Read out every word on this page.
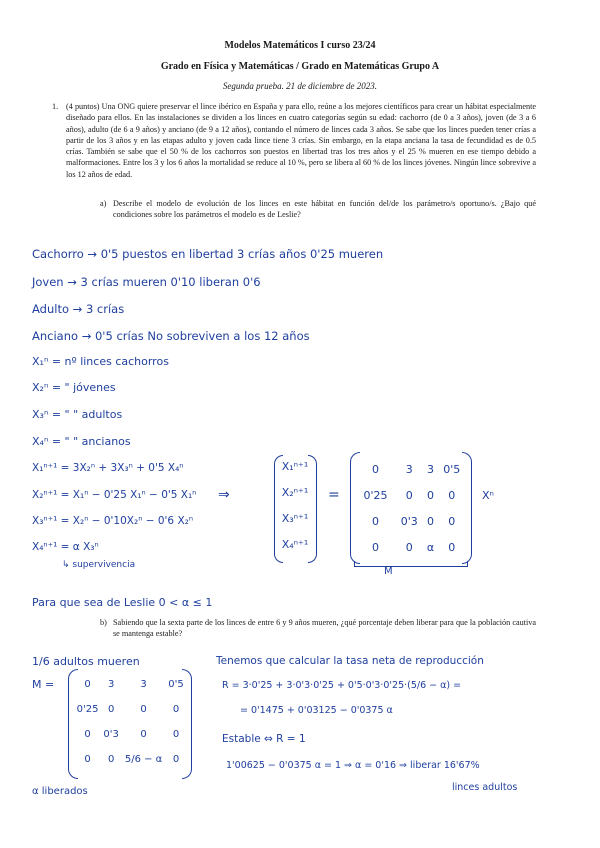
Modelos Matemáticos I curso 23/24
Grado en Física y Matemáticas / Grado en Matemáticas Grupo A
Segunda prueba. 21 de diciembre de 2023.
1. (4 puntos) Una ONG quiere preservar el lince ibérico en España y para ello, reúne a los mejores científicos para crear un hábitat especialmente diseñado para ellos. En las instalaciones se dividen a los linces en cuatro categorías según su edad: cachorro (de 0 a 3 años), joven (de 3 a 6 años), adulto (de 6 a 9 años) y anciano (de 9 a 12 años), contando el número de linces cada 3 años. Se sabe que los linces pueden tener crías a partir de los 3 años y en las etapas adulto y joven cada lince tiene 3 crías. Sin embargo, en la etapa anciana la tasa de fecundidad es de 0.5 crías. También se sabe que el 50 % de los cachorros son puestos en libertad tras los tres años y el 25 % mueren en ese tiempo debido a malformaciones. Entre los 3 y los 6 años la mortalidad se reduce al 10 %, pero se libera al 60 % de los linces jóvenes. Ningún lince sobrevive a los 12 años de edad.
a) Describe el modelo de evolución de los linces en este hábitat en función del/de los parámetro/s oportuno/s. ¿Bajo qué condiciones sobre los parámetros el modelo es de Leslie?
Cachorro → 0'5 puestos en libertad 3 crías años 0'25 mueren
Joven → 3 crías mueren 0'10 liberan 0'6
Adulto → 3 crías
Anciano → 0'5 crías No sobreviven a los 12 años
X₁ⁿ = nº linces cachorros
X₂ⁿ = " jóvenes
X₃ⁿ = " " adultos
X₄ⁿ = " " ancianos
X₁ⁿ⁺¹ = 3X₂ⁿ + 3X₃ⁿ + 0'5 X₄ⁿ
X₂ⁿ⁺¹ = X₁ⁿ − 0'25 X₁ⁿ − 0'5 X₁ⁿ
X₃ⁿ⁺¹ = X₂ⁿ − 0'10X₂ⁿ − 0'6 X₂ⁿ
X₄ⁿ⁺¹ = α X₃ⁿ
↳ supervivencia
⇒
X₁ⁿ⁺¹
X₂ⁿ⁺¹
X₃ⁿ⁺¹
X₄ⁿ⁺¹
=
0	3	3	0'5
0'25	0	0	0
0	0'3	0	0
0	0	α	0
M
Xⁿ
Para que sea de Leslie 0 < α ≤ 1
b) Sabiendo que la sexta parte de los linces de entre 6 y 9 años mueren, ¿qué porcentaje deben liberar para que la población cautiva se mantenga estable?
1/6 adultos mueren
M =	0	3	3	0'5
0'25	0	0	0
0	0'3	0	0
0	0	5/6 − α	0
α liberados
Tenemos que calcular la tasa neta de reproducción
R = 3·0'25 + 3·0'3·0'25 + 0'5·0'3·0'25·(5/6 − α) =
= 0'1475 + 0'03125 − 0'0375 α
Estable ⇔ R = 1
1'00625 − 0'0375 α = 1 ⇒ α = 0'16 ⇒ liberar 16'67%
linces adultos
